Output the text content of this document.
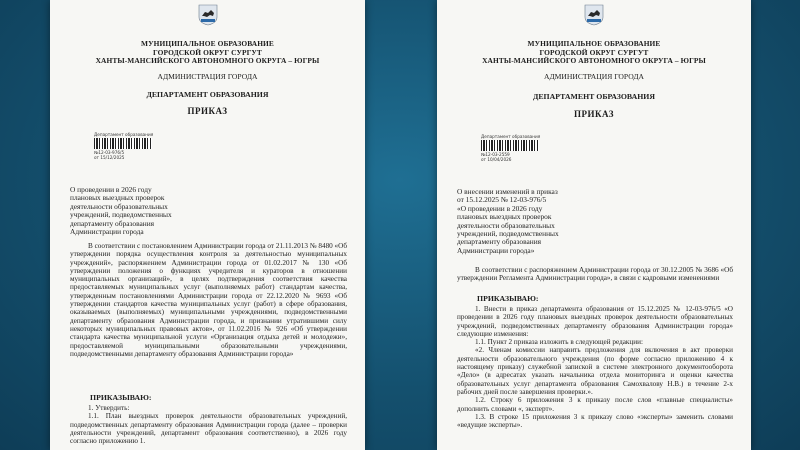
МУНИЦИПАЛЬНОЕ ОБРАЗОВАНИЕ
ГОРОДСКОЙ ОКРУГ СУРГУТ
ХАНТЫ-МАНСИЙСКОГО АВТОНОМНОГО ОКРУГА – ЮГРЫ
АДМИНИСТРАЦИЯ ГОРОДА
ДЕПАРТАМЕНТ ОБРАЗОВАНИЯ
ПРИКАЗ
Департамент образования
№12-03-976/5
от 15/12/2025
О проведении в 2026 году
плановых выездных проверок
деятельности образовательных
учреждений, подведомственных
департаменту образования
Администрации города

В соответствии с постановлением Администрации города от 21.11.2013 № 8480 «Об утверждении порядка осуществления контроля за деятельностью муниципальных учреждений», распоряжением Администрации города от 01.02.2017 № 130 «Об утверждении положения о функциях учредителя и кураторов в отношении муниципальных организаций», в целях подтверждения соответствия качества предоставляемых муниципальных услуг (выполняемых работ) стандартам качества, утвержденным постановлениями Администрации города от 22.12.2020 № 9693 «Об утверждении стандартов качества муниципальных услуг (работ) в сфере образования, оказываемых (выполняемых) муниципальными учреждениями, подведомственными департаменту образования Администрации города, и признании утратившими силу некоторых муниципальных правовых актов», от 11.02.2016 № 926 «Об утверждении стандарта качества муниципальной услуги «Организация отдыха детей и молодежи», предоставляемой муниципальными образовательными учреждениями, подведомственными департаменту образования Администрации города»

ПРИКАЗЫВАЮ:

1. Утвердить:

1.1. План выездных проверок деятельности образовательных учреждений, подведомственных департаменту образования Администрации города (далее – проверки деятельности учреждений, департамент образования соответственно), в 2026 году согласно приложению 1.

МУНИЦИПАЛЬНОЕ ОБРАЗОВАНИЕ
ГОРОДСКОЙ ОКРУГ СУРГУТ
ХАНТЫ-МАНСИЙСКОГО АВТОНОМНОГО ОКРУГА – ЮГРЫ
АДМИНИСТРАЦИЯ ГОРОДА
ДЕПАРТАМЕНТ ОБРАЗОВАНИЯ
ПРИКАЗ
Департамент образования
№12-03-2559
от 10/04/2026
О внесении изменений в приказ
от 15.12.2025 № 12-03-976/5
«О проведении в 2026 году
плановых выездных проверок
деятельности образовательных
учреждений, подведомственных
департаменту образования
Администрации города»

В соответствии с распоряжением Администрации города от 30.12.2005 № 3686 «Об утверждении Регламента Администрации города», в связи с кадровыми изменениями

ПРИКАЗЫВАЮ:

1. Внести в приказ департамента образования от 15.12.2025 № 12-03-976/5 «О проведении в 2026 году плановых выездных проверок деятельности образовательных учреждений, подведомственных департаменту образования Администрации города» следующие изменения:

1.1. Пункт 2 приказа изложить в следующей редакции:

«2. Членам комиссии направить предложения для включения в акт проверки деятельности образовательного учреждения (по форме согласно приложению 4 к настоящему приказу) служебной запиской в системе электронного документооборота «Дело» (в адресатах указать начальника отдела мониторинга и оценки качества образовательных услуг департамента образования Самохвалову Н.В.) в течение 2-х рабочих дней после завершения проверки.».

1.2. Строку 6 приложения 3 к приказу после слов «главные специалисты» дополнить словами «, эксперт».

1.3. В строке 15 приложения 3 к приказу слово «эксперты» заменить словами «ведущие эксперты».
